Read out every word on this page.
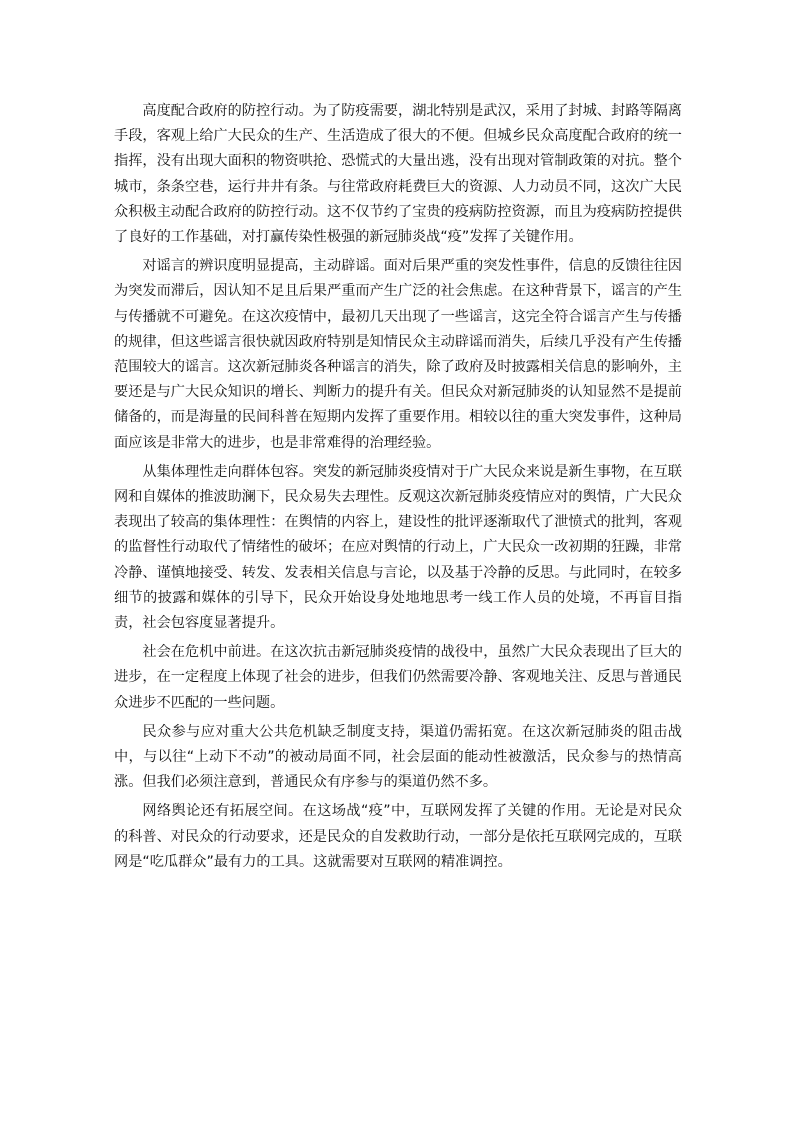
高度配合政府的防控行动。为了防疫需要，湖北特别是武汉，采用了封城、封路等隔离手段，客观上给广大民众的生产、生活造成了很大的不便。但城乡民众高度配合政府的统一指挥，没有出现大面积的物资哄抢、恐慌式的大量出逃，没有出现对管制政策的对抗。整个城市，条条空巷，运行井井有条。与往常政府耗费巨大的资源、人力动员不同，这次广大民众积极主动配合政府的防控行动。这不仅节约了宝贵的疫病防控资源，而且为疫病防控提供了良好的工作基础，对打赢传染性极强的新冠肺炎战“疫”发挥了关键作用。

对谣言的辨识度明显提高，主动辟谣。面对后果严重的突发性事件，信息的反馈往往因为突发而滞后，因认知不足且后果严重而产生广泛的社会焦虑。在这种背景下，谣言的产生与传播就不可避免。在这次疫情中，最初几天出现了一些谣言，这完全符合谣言产生与传播的规律，但这些谣言很快就因政府特别是知情民众主动辟谣而消失，后续几乎没有产生传播范围较大的谣言。这次新冠肺炎各种谣言的消失，除了政府及时披露相关信息的影响外，主要还是与广大民众知识的增长、判断力的提升有关。但民众对新冠肺炎的认知显然不是提前储备的，而是海量的民间科普在短期内发挥了重要作用。相较以往的重大突发事件，这种局面应该是非常大的进步，也是非常难得的治理经验。

从集体理性走向群体包容。突发的新冠肺炎疫情对于广大民众来说是新生事物，在互联网和自媒体的推波助澜下，民众易失去理性。反观这次新冠肺炎疫情应对的舆情，广大民众表现出了较高的集体理性：在舆情的内容上，建设性的批评逐渐取代了泄愤式的批判，客观的监督性行动取代了情绪性的破坏；在应对舆情的行动上，广大民众一改初期的狂躁，非常冷静、谨慎地接受、转发、发表相关信息与言论，以及基于冷静的反思。与此同时，在较多细节的披露和媒体的引导下，民众开始设身处地地思考一线工作人员的处境，不再盲目指责，社会包容度显著提升。

社会在危机中前进。在这次抗击新冠肺炎疫情的战役中，虽然广大民众表现出了巨大的进步，在一定程度上体现了社会的进步，但我们仍然需要冷静、客观地关注、反思与普通民众进步不匹配的一些问题。

民众参与应对重大公共危机缺乏制度支持，渠道仍需拓宽。在这次新冠肺炎的阻击战中，与以往“上动下不动”的被动局面不同，社会层面的能动性被激活，民众参与的热情高涨。但我们必须注意到，普通民众有序参与的渠道仍然不多。

网络舆论还有拓展空间。在这场战“疫”中，互联网发挥了关键的作用。无论是对民众的科普、对民众的行动要求，还是民众的自发救助行动，一部分是依托互联网完成的，互联网是“吃瓜群众”最有力的工具。这就需要对互联网的精准调控。
